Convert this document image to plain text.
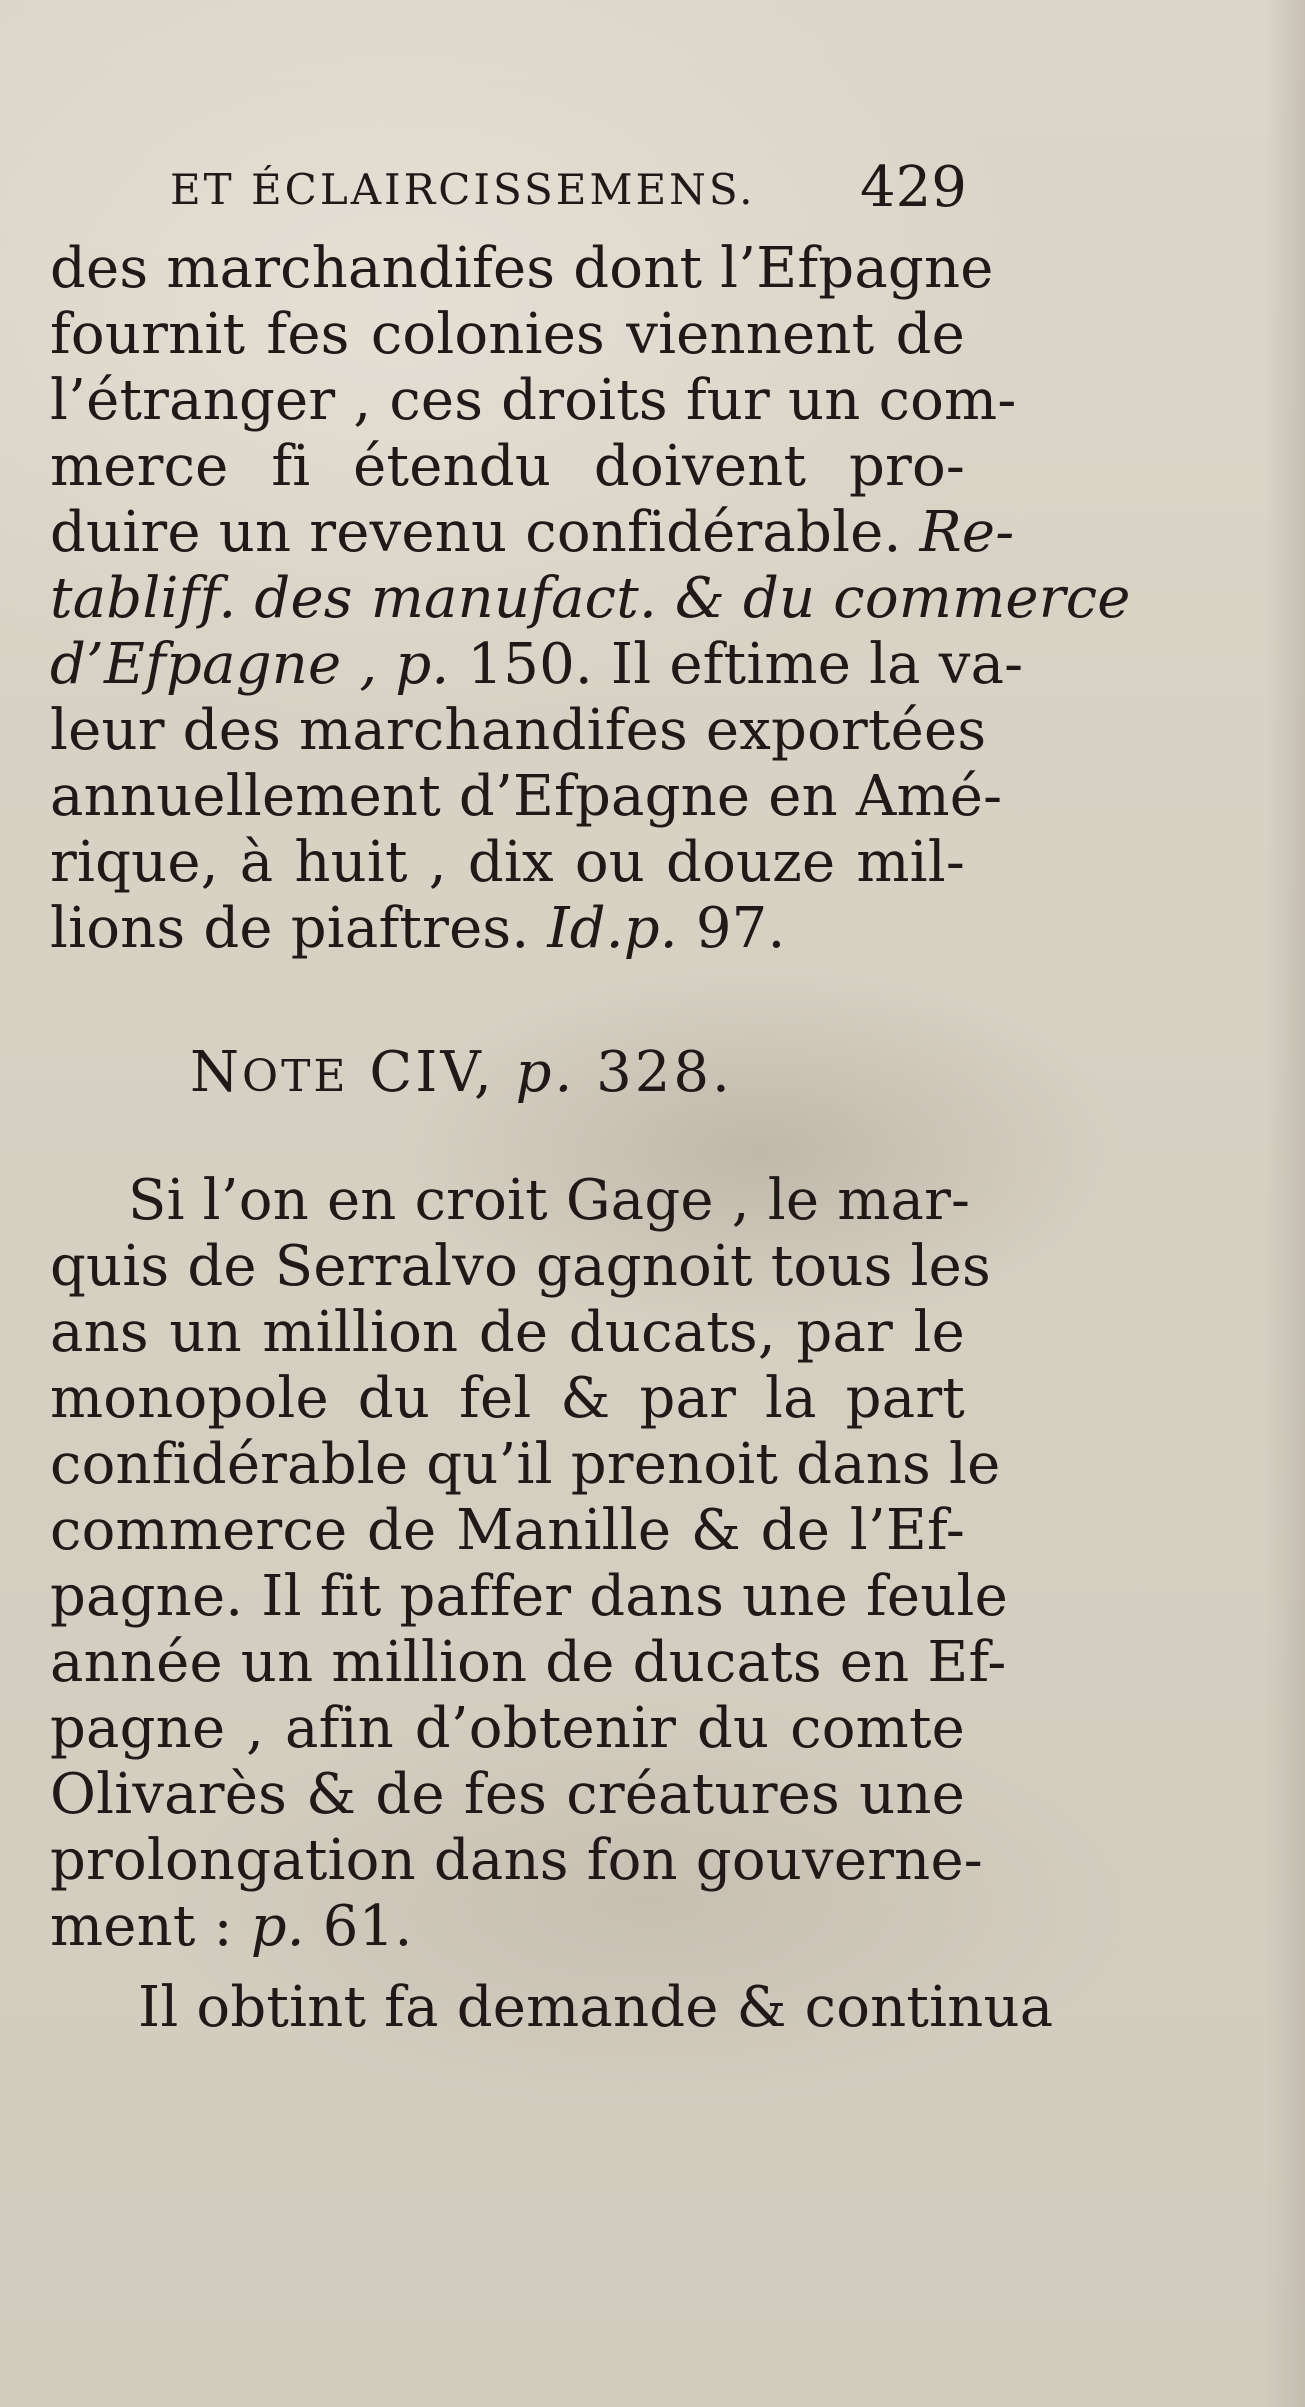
ET ÉCLAIRCISSEMENS. 429
des marchandifes dont l’Efpagne
fournit fes colonies viennent de
l’étranger , ces droits fur un com-
merce fi étendu doivent pro-
duire un revenu confidérable. Re-
tabliff. des manufact. & du commerce
d’Efpagne , p. 150. Il eftime la va-
leur des marchandifes exportées
annuellement d’Efpagne en Amé-
rique, à huit , dix ou douze mil-
lions de piaftres. Id.p. 97.
NOTE CIV, p. 328.
Si l’on en croit Gage , le mar-
quis de Serralvo gagnoit tous les
ans un million de ducats, par le
monopole du fel & par la part
confidérable qu’il prenoit dans le
commerce de Manille & de l’Ef-
pagne. Il fit paffer dans une feule
année un million de ducats en Ef-
pagne , afin d’obtenir du comte
Olivarès & de fes créatures une
prolongation dans fon gouverne-
ment : p. 61.
Il obtint fa demande & continua
